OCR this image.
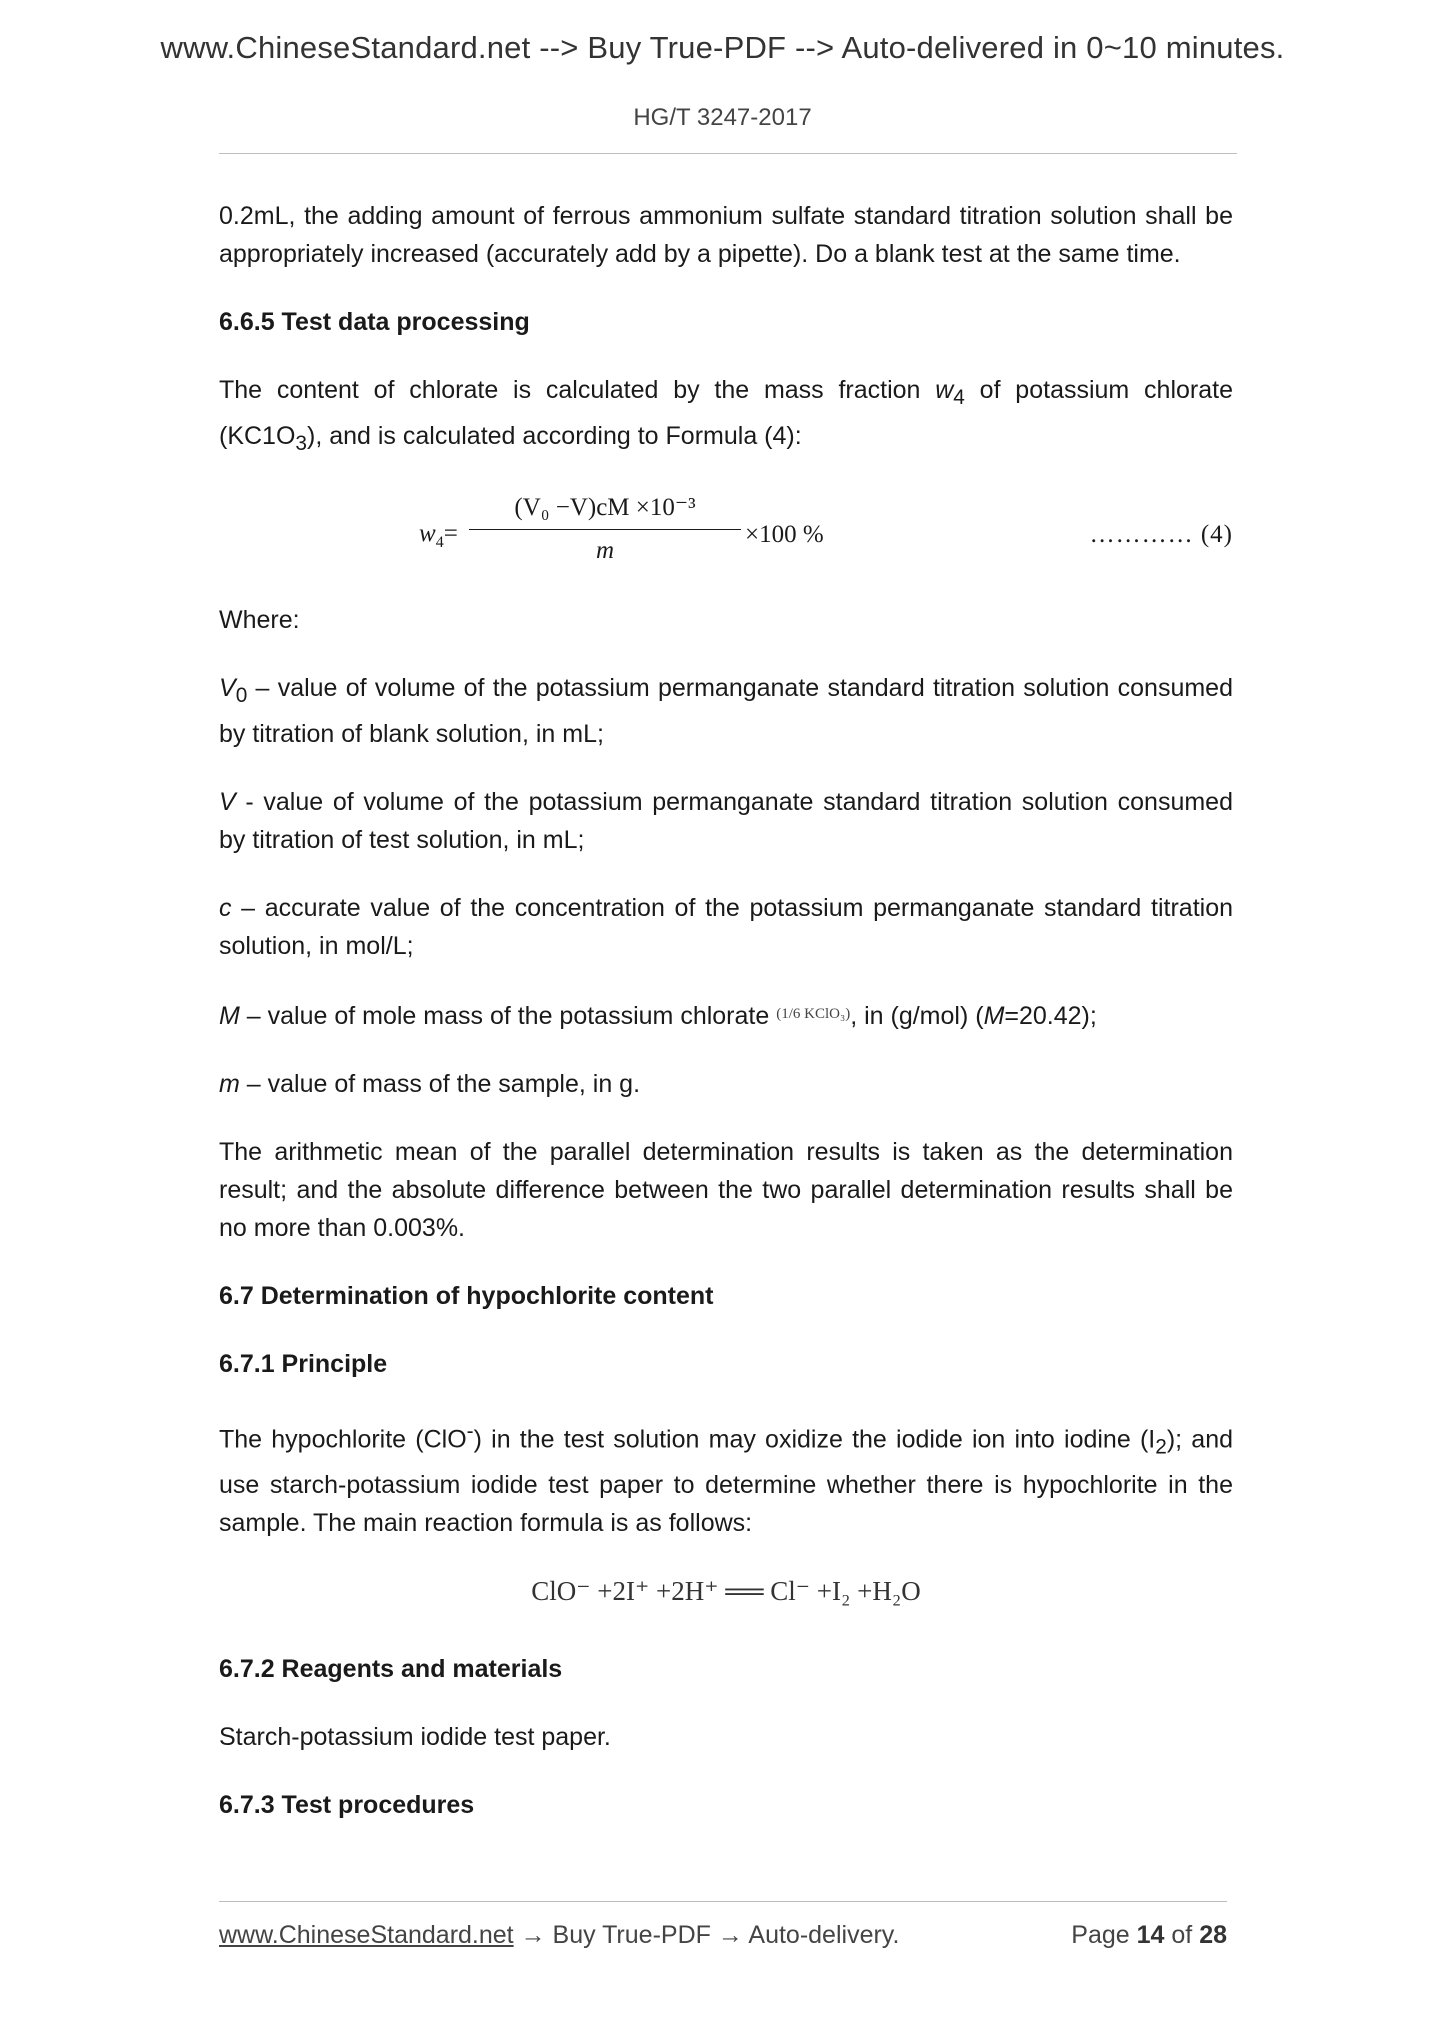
www.ChineseStandard.net --> Buy True-PDF --> Auto-delivered in 0~10 minutes.
HG/T 3247-2017

0.2mL, the adding amount of ferrous ammonium sulfate standard titration solution shall be appropriately increased (accurately add by a pipette). Do a blank test at the same time.

6.6.5 Test data processing

The content of chlorate is calculated by the mass fraction $w_4$ of potassium chlorate $(KC1O_3)$, and is calculated according to Formula (4):

$w_4= \frac{\text{(V₀ −V)cM ×10⁻³}}{m} \times 100$ %	………… (4)

Where:

$V_0$ – value of volume of the potassium permanganate standard titration solution consumed by titration of blank solution, in mL;

V - value of volume of the potassium permanganate standard titration solution consumed by titration of test solution, in mL;

c – accurate value of the concentration of the potassium permanganate standard titration solution, in mol/L;

M – value of mole mass of the potassium chlorate $^{(1/6 KClO_3)}$, in (g/mol) (M=20.42);

m – value of mass of the sample, in g.

The arithmetic mean of the parallel determination results is taken as the determination result; and the absolute difference between the two parallel determination results shall be no more than 0.003%.

6.7 Determination of hypochlorite content
6.7.1 Principle

The hypochlorite (ClO-) in the test solution may oxidize the iodide ion into iodine $(I_2)$; and use starch-potassium iodide test paper to determine whether there is hypochlorite in the sample. The main reaction formula is as follows:

ClO⁻ +2I⁺ +2H⁺ ══ Cl⁻ +I₂ +H₂O
6.7.2 Reagents and materials

Starch-potassium iodide test paper.

6.7.3 Test procedures
www.ChineseStandard.net → Buy True-PDF → Auto-delivery.	Page 14 of 28
